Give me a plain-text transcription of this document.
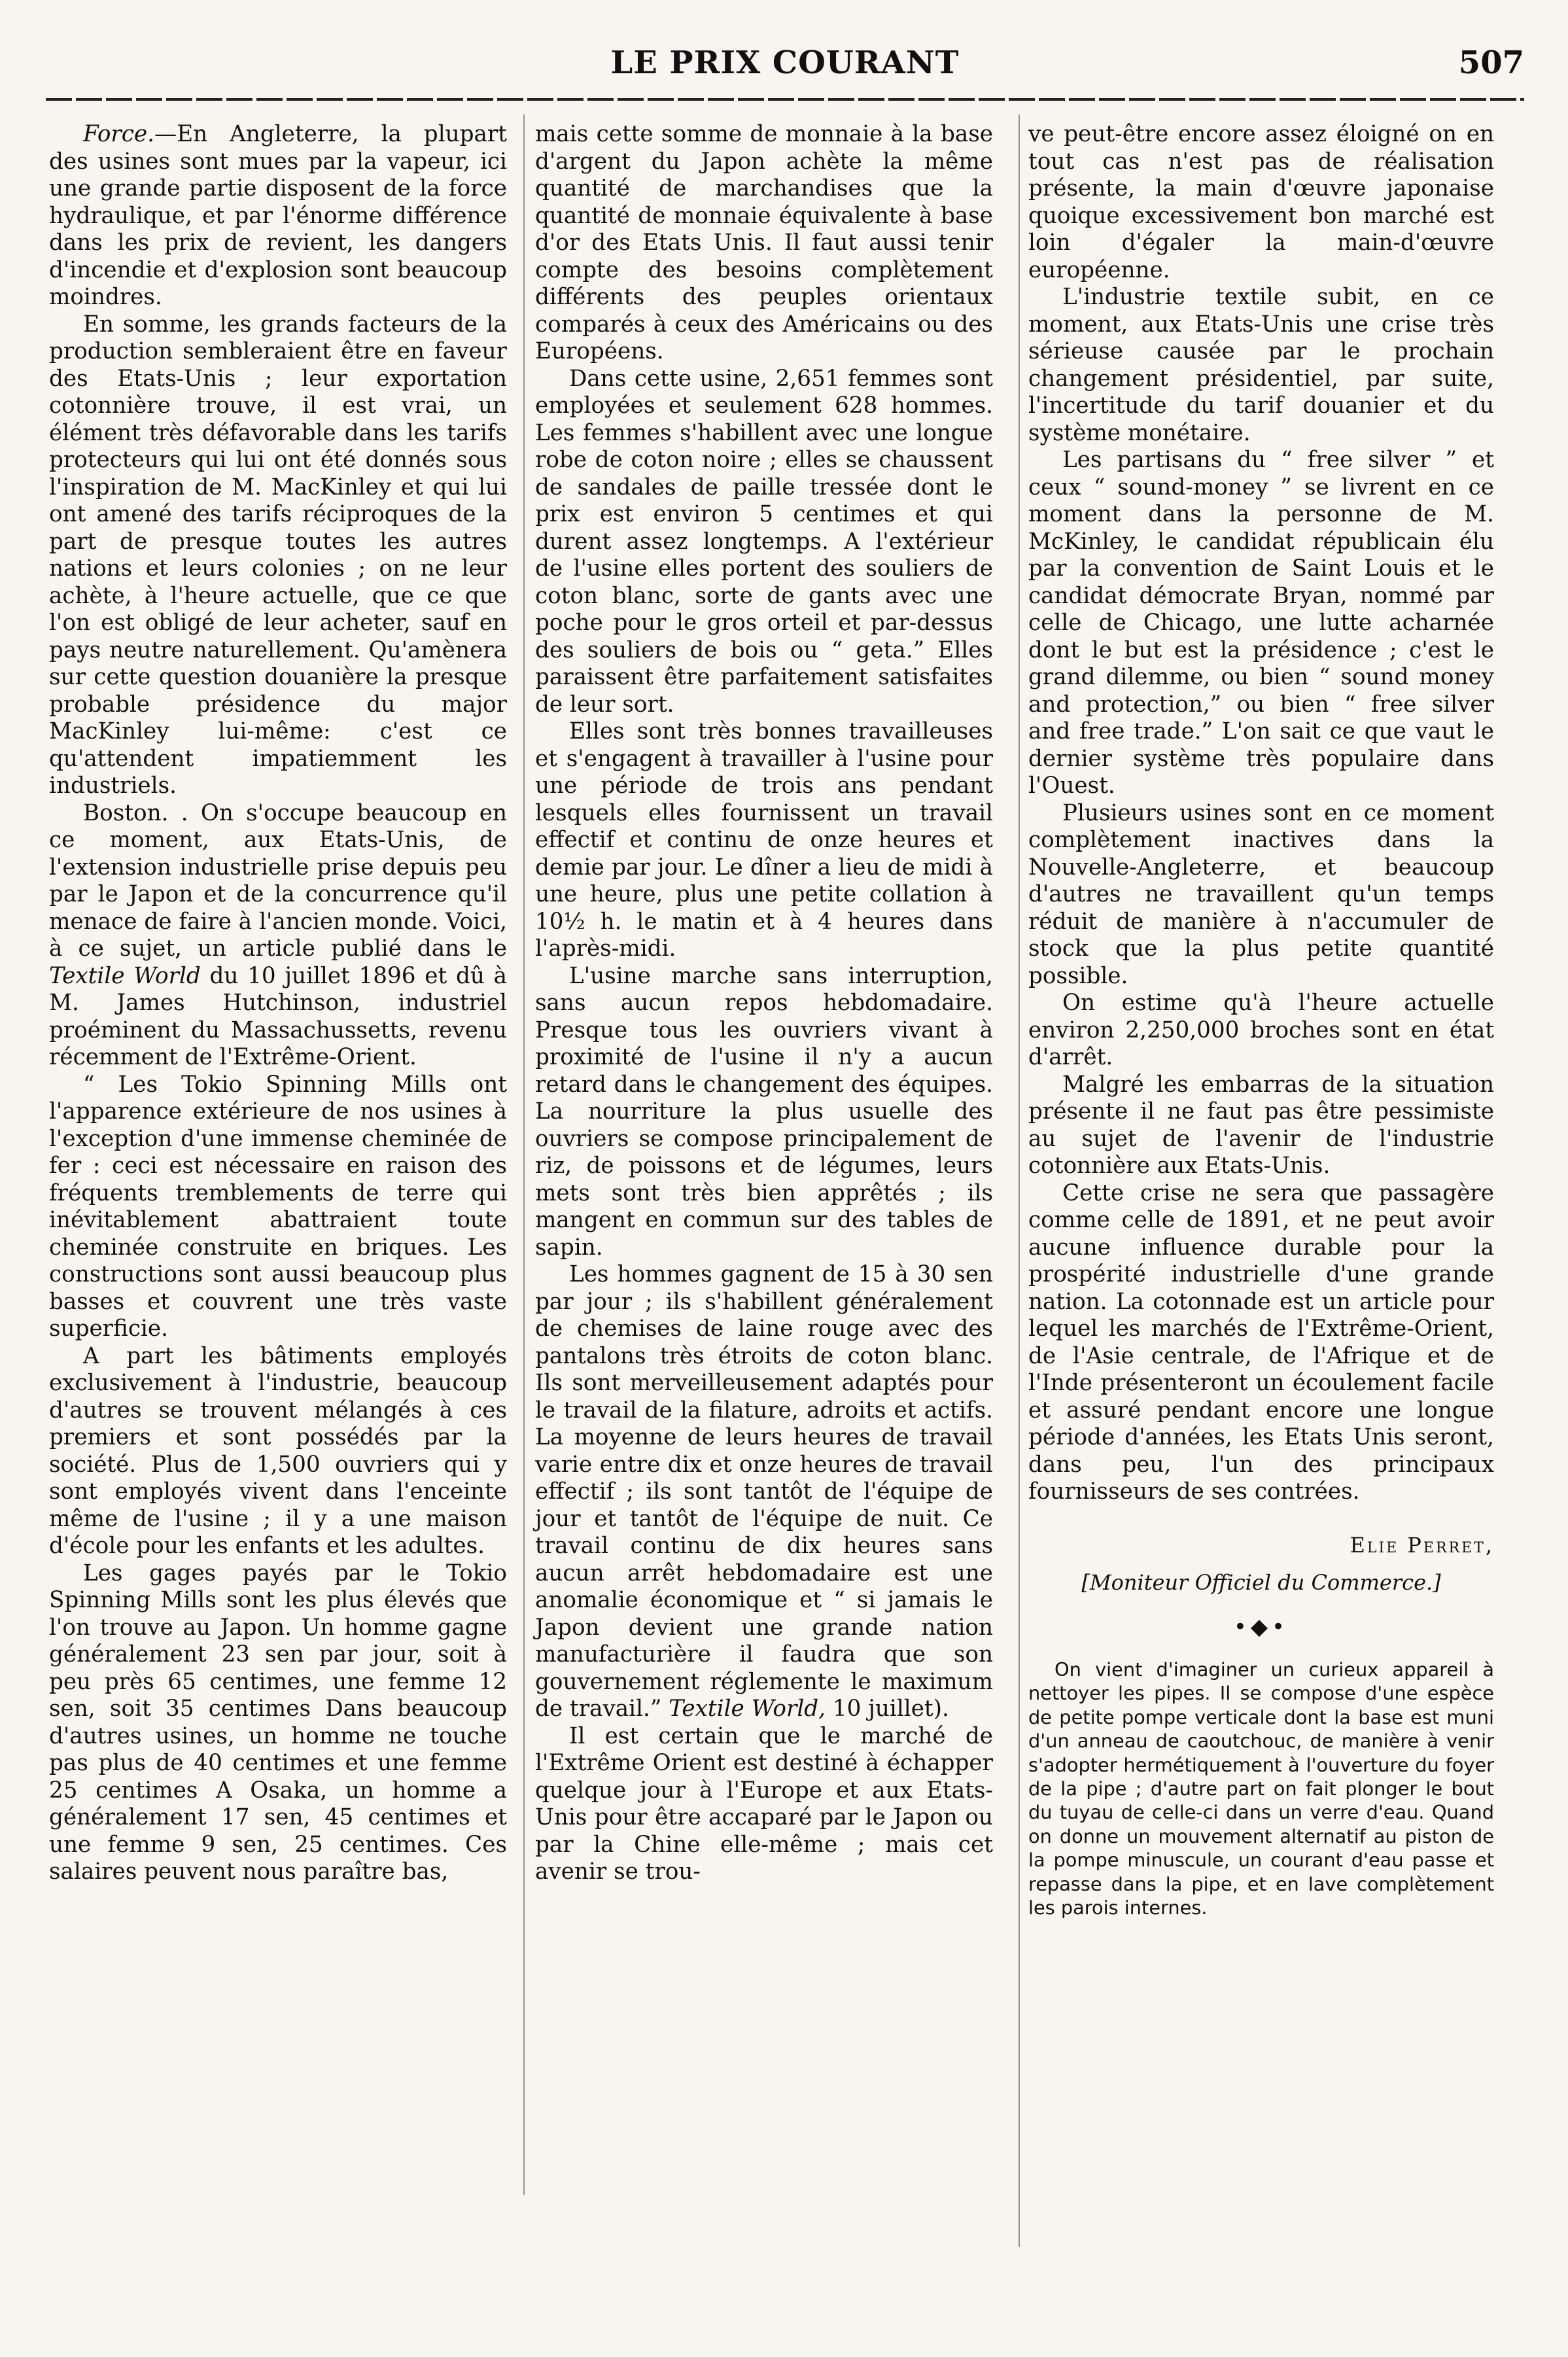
LE PRIX COURANT	507

Force.—En Angleterre, la plupart des usines sont mues par la vapeur, ici une grande partie disposent de la force hydraulique, et par l'énorme différence dans les prix de revient, les dangers d'incendie et d'explosion sont beaucoup moindres.

En somme, les grands facteurs de la production sembleraient être en faveur des Etats-Unis ; leur exportation cotonnière trouve, il est vrai, un élément très défavorable dans les tarifs protecteurs qui lui ont été donnés sous l'inspiration de M. MacKinley et qui lui ont amené des tarifs réciproques de la part de presque toutes les autres nations et leurs colonies ; on ne leur achète, à l'heure actuelle, que ce que l'on est obligé de leur acheter, sauf en pays neutre naturellement. Qu'amènera sur cette question douanière la presque probable présidence du major MacKinley lui-même: c'est ce qu'attendent impatiemment les industriels.

Boston. . On s'occupe beaucoup en ce moment, aux Etats-Unis, de l'extension industrielle prise depuis peu par le Japon et de la concurrence qu'il menace de faire à l'ancien monde. Voici, à ce sujet, un article publié dans le Textile World du 10 juillet 1896 et dû à M. James Hutchinson, industriel proéminent du Massachussetts, revenu récemment de l'Extrême-Orient.

“ Les Tokio Spinning Mills ont l'apparence extérieure de nos usines à l'exception d'une immense cheminée de fer : ceci est nécessaire en raison des fréquents tremblements de terre qui inévitablement abattraient toute cheminée construite en briques. Les constructions sont aussi beaucoup plus basses et couvrent une très vaste superficie.

A part les bâtiments employés exclusivement à l'industrie, beaucoup d'autres se trouvent mélangés à ces premiers et sont possédés par la société. Plus de 1,500 ouvriers qui y sont employés vivent dans l'enceinte même de l'usine ; il y a une maison d'école pour les enfants et les adultes.

Les gages payés par le Tokio Spinning Mills sont les plus élevés que l'on trouve au Japon. Un homme gagne généralement 23 sen par jour, soit à peu près 65 centimes, une femme 12 sen, soit 35 centimes Dans beaucoup d'autres usines, un homme ne touche pas plus de 40 centimes et une femme 25 centimes A Osaka, un homme a généralement 17 sen, 45 centimes et une femme 9 sen, 25 centimes. Ces salaires peuvent nous paraître bas,

mais cette somme de monnaie à la base d'argent du Japon achète la même quantité de marchandises que la quantité de monnaie équivalente à base d'or des Etats Unis. Il faut aussi tenir compte des besoins complètement différents des peuples orientaux comparés à ceux des Américains ou des Européens.

Dans cette usine, 2,651 femmes sont employées et seulement 628 hommes. Les femmes s'habillent avec une longue robe de coton noire ; elles se chaussent de sandales de paille tressée dont le prix est environ 5 centimes et qui durent assez longtemps. A l'extérieur de l'usine elles portent des souliers de coton blanc, sorte de gants avec une poche pour le gros orteil et par-dessus des souliers de bois ou “ geta.” Elles paraissent être parfaitement satisfaites de leur sort.

Elles sont très bonnes travailleuses et s'engagent à travailler à l'usine pour une période de trois ans pendant lesquels elles fournissent un travail effectif et continu de onze heures et demie par jour. Le dîner a lieu de midi à une heure, plus une petite collation à 10½ h. le matin et à 4 heures dans l'après-midi.

L'usine marche sans interruption, sans aucun repos hebdomadaire. Presque tous les ouvriers vivant à proximité de l'usine il n'y a aucun retard dans le changement des équipes. La nourriture la plus usuelle des ouvriers se compose principalement de riz, de poissons et de légumes, leurs mets sont très bien apprêtés ; ils mangent en commun sur des tables de sapin.

Les hommes gagnent de 15 à 30 sen par jour ; ils s'habillent généralement de chemises de laine rouge avec des pantalons très étroits de coton blanc. Ils sont merveilleusement adaptés pour le travail de la filature, adroits et actifs. La moyenne de leurs heures de travail varie entre dix et onze heures de travail effectif ; ils sont tantôt de l'équipe de jour et tantôt de l'équipe de nuit. Ce travail continu de dix heures sans aucun arrêt hebdomadaire est une anomalie économique et “ si jamais le Japon devient une grande nation manufacturière il faudra que son gouvernement réglemente le maximum de travail.” Textile World, 10 juillet).

Il est certain que le marché de l'Extrême Orient est destiné à échapper quelque jour à l'Europe et aux Etats-Unis pour être accaparé par le Japon ou par la Chine elle-même ; mais cet avenir se trou-

ve peut-être encore assez éloigné on en tout cas n'est pas de réalisation présente, la main d'œuvre japonaise quoique excessivement bon marché est loin d'égaler la main-d'œuvre européenne.

L'industrie textile subit, en ce moment, aux Etats-Unis une crise très sérieuse causée par le prochain changement présidentiel, par suite, l'incertitude du tarif douanier et du système monétaire.

Les partisans du “ free silver ” et ceux “ sound-money ” se livrent en ce moment dans la personne de M. McKinley, le candidat républicain élu par la convention de Saint Louis et le candidat démocrate Bryan, nommé par celle de Chicago, une lutte acharnée dont le but est la présidence ; c'est le grand dilemme, ou bien “ sound money and protection,” ou bien “ free silver and free trade.” L'on sait ce que vaut le dernier système très populaire dans l'Ouest.

Plusieurs usines sont en ce moment complètement inactives dans la Nouvelle-Angleterre, et beaucoup d'autres ne travaillent qu'un temps réduit de manière à n'accumuler de stock que la plus petite quantité possible.

On estime qu'à l'heure actuelle environ 2,250,000 broches sont en état d'arrêt.

Malgré les embarras de la situation présente il ne faut pas être pessimiste au sujet de l'avenir de l'industrie cotonnière aux Etats-Unis.

Cette crise ne sera que passagère comme celle de 1891, et ne peut avoir aucune influence durable pour la prospérité industrielle d'une grande nation. La cotonnade est un article pour lequel les marchés de l'Extrême-Orient, de l'Asie centrale, de l'Afrique et de l'Inde présenteront un écoulement facile et assuré pendant encore une longue période d'années, les Etats Unis seront, dans peu, l'un des principaux fournisseurs de ses contrées.

Elie Perret,
[Moniteur Officiel du Commerce.]
•◆•

On vient d'imaginer un curieux appareil à nettoyer les pipes. Il se compose d'une espèce de petite pompe verticale dont la base est muni d'un anneau de caoutchouc, de manière à venir s'adopter hermétiquement à l'ouverture du foyer de la pipe ; d'autre part on fait plonger le bout du tuyau de celle-ci dans un verre d'eau. Quand on donne un mouvement alternatif au piston de la pompe minuscule, un courant d'eau passe et repasse dans la pipe, et en lave complètement les parois internes.
